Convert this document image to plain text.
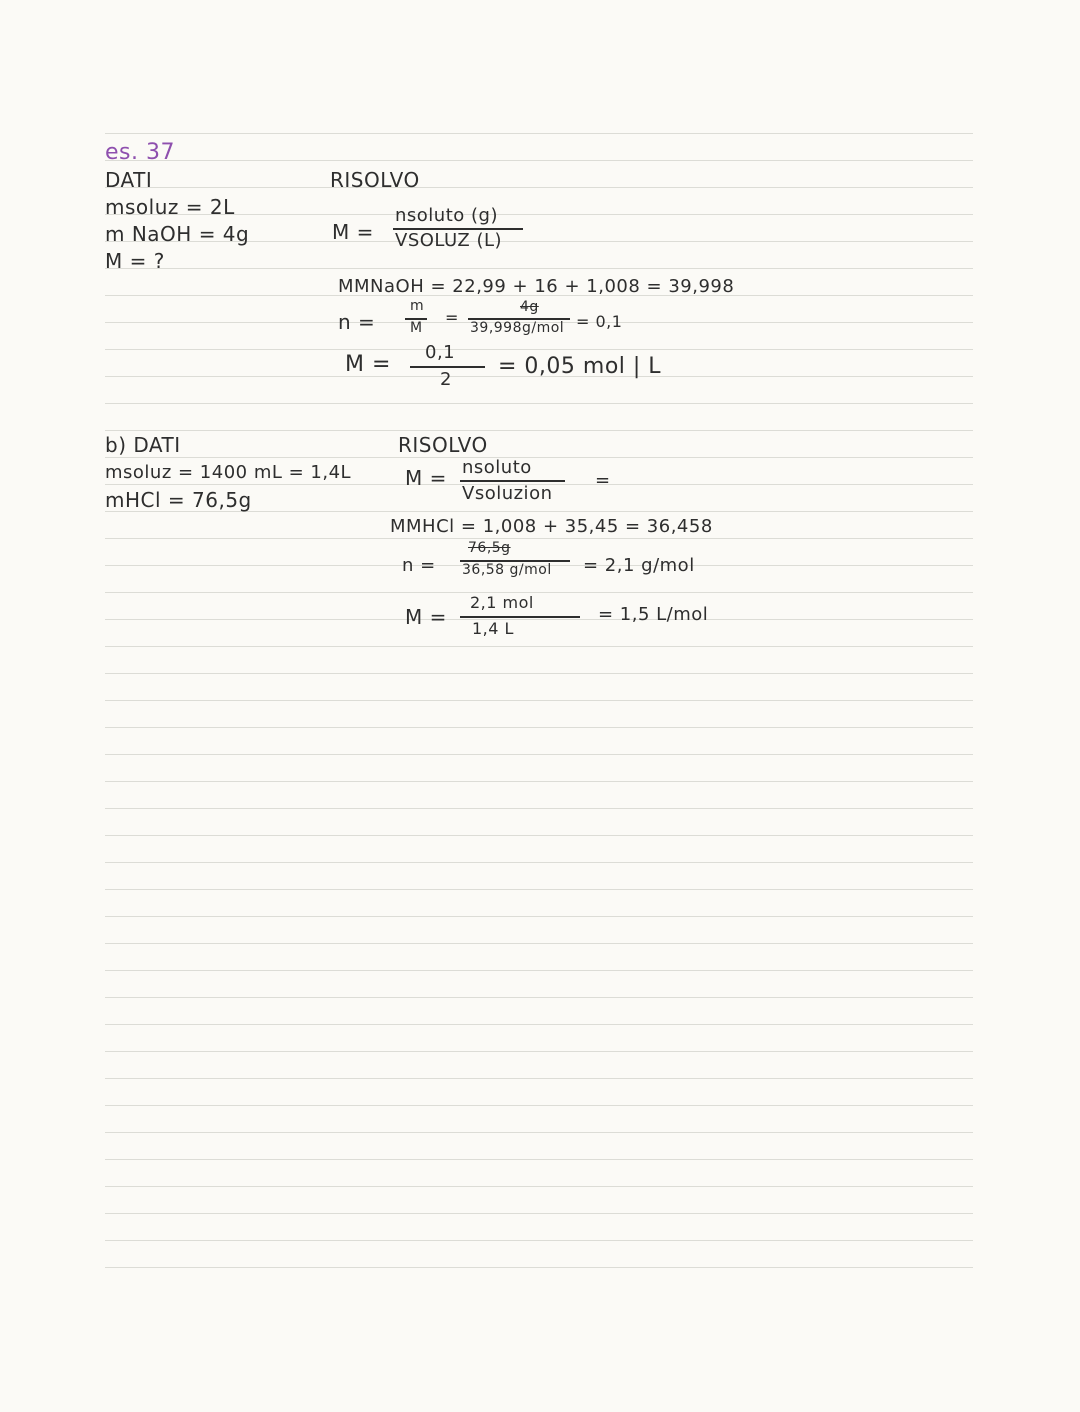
es. 37
DATI
msoluz = 2L
m NaOH = 4g
M = ?
RISOLVO
M =
nsoluto (g)
VSOLUZ (L)
MMNaOH = 22,99 + 16 + 1,008 = 39,998
n =
m
M
=
4g
39,998g/mol = 0,1
M = 0,1
2
= 0,05 mol | L
b) DATI
msoluz = 1400 mL = 1,4L
mHCl = 76,5g
RISOLVO
M = nsoluto
Vsoluzion
=
MMHCl = 1,008 + 35,45 = 36,458
n =
76,5g
36,58 g/mol = 2,1 g/mol
M =
2,1 mol
1,4 L
= 1,5 L/mol
